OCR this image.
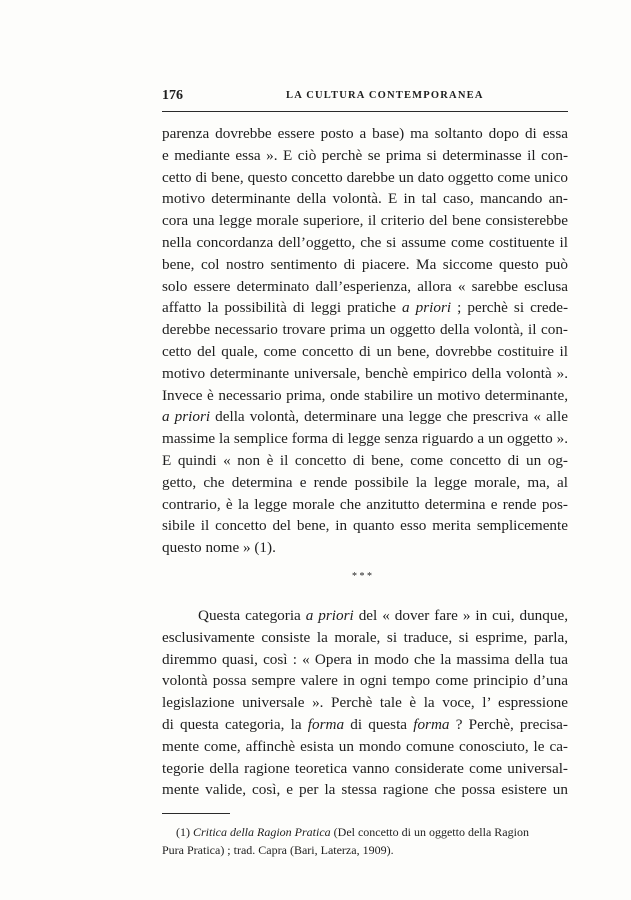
176	LA CULTURA CONTEMPORANEA
parenza dovrebbe essere posto a base) ma soltanto dopo di essa
e mediante essa ». E ciò perchè se prima si determinasse il con-
cetto di bene, questo concetto darebbe un dato oggetto come unico
motivo determinante della volontà. E in tal caso, mancando an-
cora una legge morale superiore, il criterio del bene consisterebbe
nella concordanza dell’oggetto, che si assume come costituente il
bene, col nostro sentimento di piacere. Ma siccome questo può
solo essere determinato dall’esperienza, allora « sarebbe esclusa
affatto la possibilità di leggi pratiche a priori ; perchè si crede-
derebbe necessario trovare prima un oggetto della volontà, il con-
cetto del quale, come concetto di un bene, dovrebbe costituire il
motivo determinante universale, benchè empirico della volontà ».
Invece è necessario prima, onde stabilire un motivo determinante,
a priori della volontà, determinare una legge che prescriva « alle
massime la semplice forma di legge senza riguardo a un oggetto ».
E quindi « non è il concetto di bene, come concetto di un og-
getto, che determina e rende possibile la legge morale, ma, al
contrario, è la legge morale che anzitutto determina e rende pos-
sibile il concetto del bene, in quanto esso merita semplicemente
questo nome » (1).
* * *
Questa categoria a priori del « dover fare » in cui, dunque,
esclusivamente consiste la morale, si traduce, si esprime, parla,
diremmo quasi, così : « Opera in modo che la massima della tua
volontà possa sempre valere in ogni tempo come principio d’una
legislazione universale ». Perchè tale è la voce, l’ espressione
di questa categoria, la forma di questa forma ? Perchè, precisa-
mente come, affinchè esista un mondo comune conosciuto, le ca-
tegorie della ragione teoretica vanno considerate come universal-
mente valide, così, e per la stessa ragione che possa esistere un
(1) Critica della Ragion Pratica (Del concetto di un oggetto della Ragion
Pura Pratica) ; trad. Capra (Bari, Laterza, 1909).
